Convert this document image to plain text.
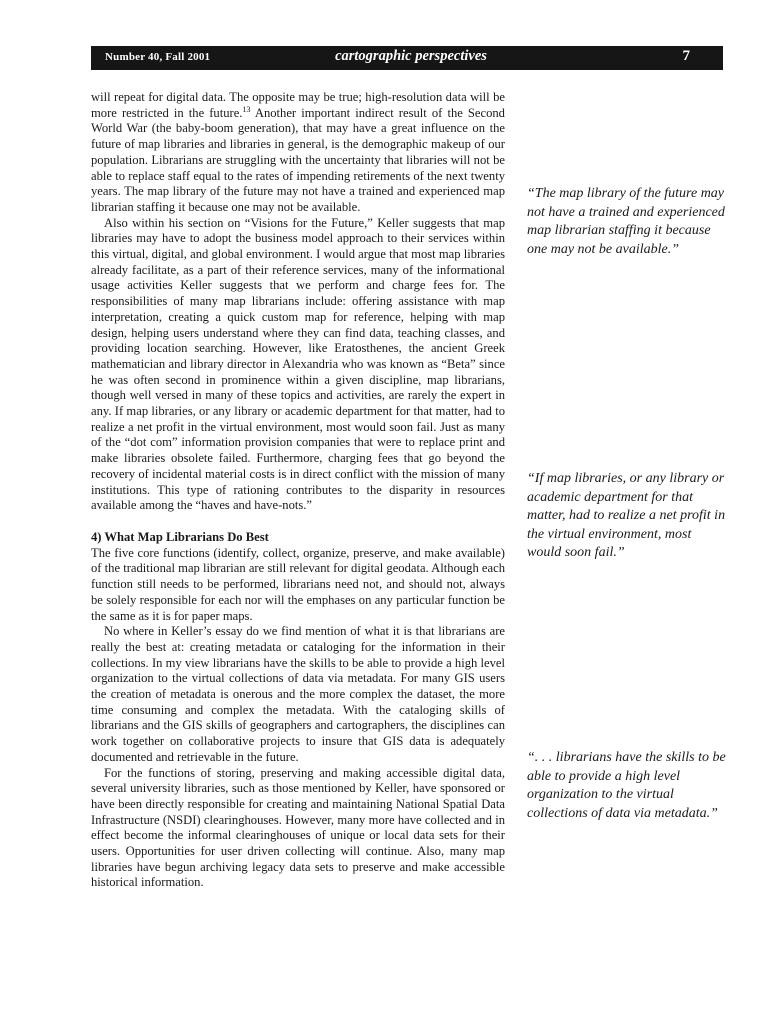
Number 40, Fall 2001	cartographic perspectives	7

will repeat for digital data. The opposite may be true; high-resolution data will be more restricted in the future.$^{13}$ Another important indirect result of the Second World War (the baby-boom generation), that may have a great influence on the future of map libraries and libraries in general, is the demographic makeup of our population. Librarians are struggling with the uncertainty that libraries will not be able to replace staff equal to the rates of impending retirements of the next twenty years. The map library of the future may not have a trained and experienced map librarian staffing it because one may not be available.

Also within his section on “Visions for the Future,” Keller suggests that map libraries may have to adopt the business model approach to their services within this virtual, digital, and global environment. I would argue that most map libraries already facilitate, as a part of their reference services, many of the informational usage activities Keller suggests that we perform and charge fees for. The responsibilities of many map librarians include: offering assistance with map interpretation, creating a quick custom map for reference, helping with map design, helping users understand where they can find data, teaching classes, and providing location searching. However, like Eratosthenes, the ancient Greek mathematician and library director in Alexandria who was known as “Beta” since he was often second in prominence within a given discipline, map librarians, though well versed in many of these topics and activities, are rarely the expert in any. If map libraries, or any library or academic department for that matter, had to realize a net profit in the virtual environment, most would soon fail. Just as many of the “dot com” information provision companies that were to replace print and make libraries obsolete failed. Furthermore, charging fees that go beyond the recovery of incidental material costs is in direct conflict with the mission of many institutions. This type of rationing contributes to the disparity in resources available among the “haves and have-nots.”

4) What Map Librarians Do Best

The five core functions (identify, collect, organize, preserve, and make available) of the traditional map librarian are still relevant for digital geodata. Although each function still needs to be performed, librarians need not, and should not, always be solely responsible for each nor will the emphases on any particular function be the same as it is for paper maps.

No where in Keller’s essay do we find mention of what it is that librarians are really the best at: creating metadata or cataloging for the information in their collections. In my view librarians have the skills to be able to provide a high level organization to the virtual collections of data via metadata. For many GIS users the creation of metadata is onerous and the more complex the dataset, the more time consuming and complex the metadata. With the cataloging skills of librarians and the GIS skills of geographers and cartographers, the disciplines can work together on collaborative projects to insure that GIS data is adequately documented and retrievable in the future.

For the functions of storing, preserving and making accessible digital data, several university libraries, such as those mentioned by Keller, have sponsored or have been directly responsible for creating and maintaining National Spatial Data Infrastructure (NSDI) clearinghouses. However, many more have collected and in effect become the informal clearinghouses of unique or local data sets for their users. Opportunities for user driven collecting will continue. Also, many map libraries have begun archiving legacy data sets to preserve and make accessible historical information.

“The map library of the future may not have a trained and experienced map librarian staffing it because one may not be available.”

“If map libraries, or any library or academic department for that matter, had to realize a net profit in the virtual environment, most would soon fail.”

“. . . librarians have the skills to be able to provide a high level organization to the virtual collections of data via metadata.”
